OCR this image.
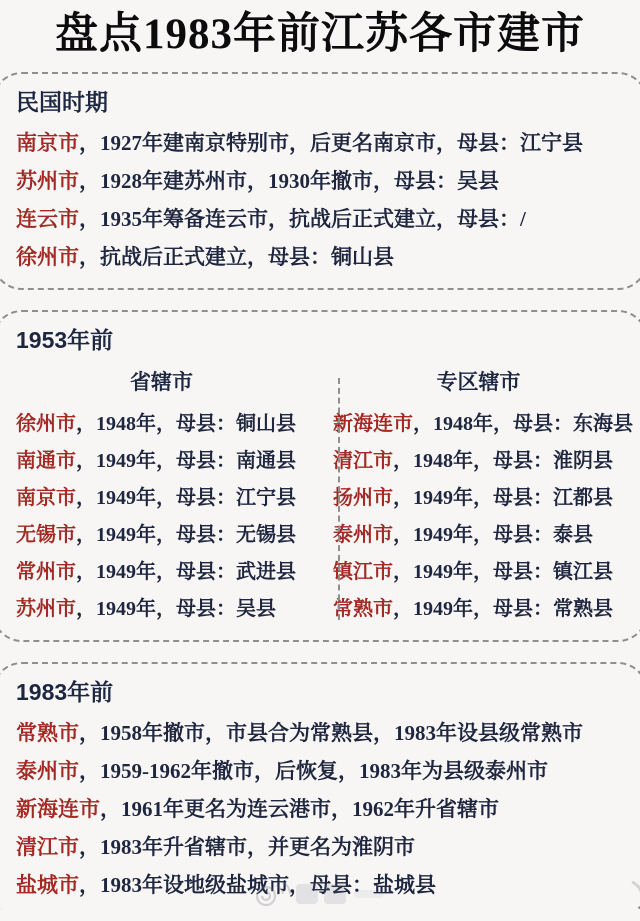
盘点1983年前江苏各市建市
民国时期

南京市，1927年建南京特别市，后更名南京市，母县：江宁县

苏州市，1928年建苏州市，1930年撤市，母县：吴县

连云市，1935年筹备连云市，抗战后正式建立，母县：/

徐州市，抗战后正式建立，母县：铜山县

1953年前
省辖市

徐州市，1948年，母县：铜山县

南通市，1949年，母县：南通县

南京市，1949年，母县：江宁县

无锡市，1949年，母县：无锡县

常州市，1949年，母县：武进县

苏州市，1949年，母县：吴县

专区辖市

新海连市，1948年，母县：东海县

清江市，1948年，母县：淮阴县

扬州市，1949年，母县：江都县

泰州市，1949年，母县：泰县

镇江市，1949年，母县：镇江县

常熟市，1949年，母县：常熟县

1983年前

常熟市，1958年撤市，市县合为常熟县，1983年设县级常熟市

泰州市，1959-1962年撤市，后恢复，1983年为县级泰州市

新海连市，1961年更名为连云港市，1962年升省辖市

清江市，1983年升省辖市，并更名为淮阴市

盐城市，1983年设地级盐城市，母县：盐城县
